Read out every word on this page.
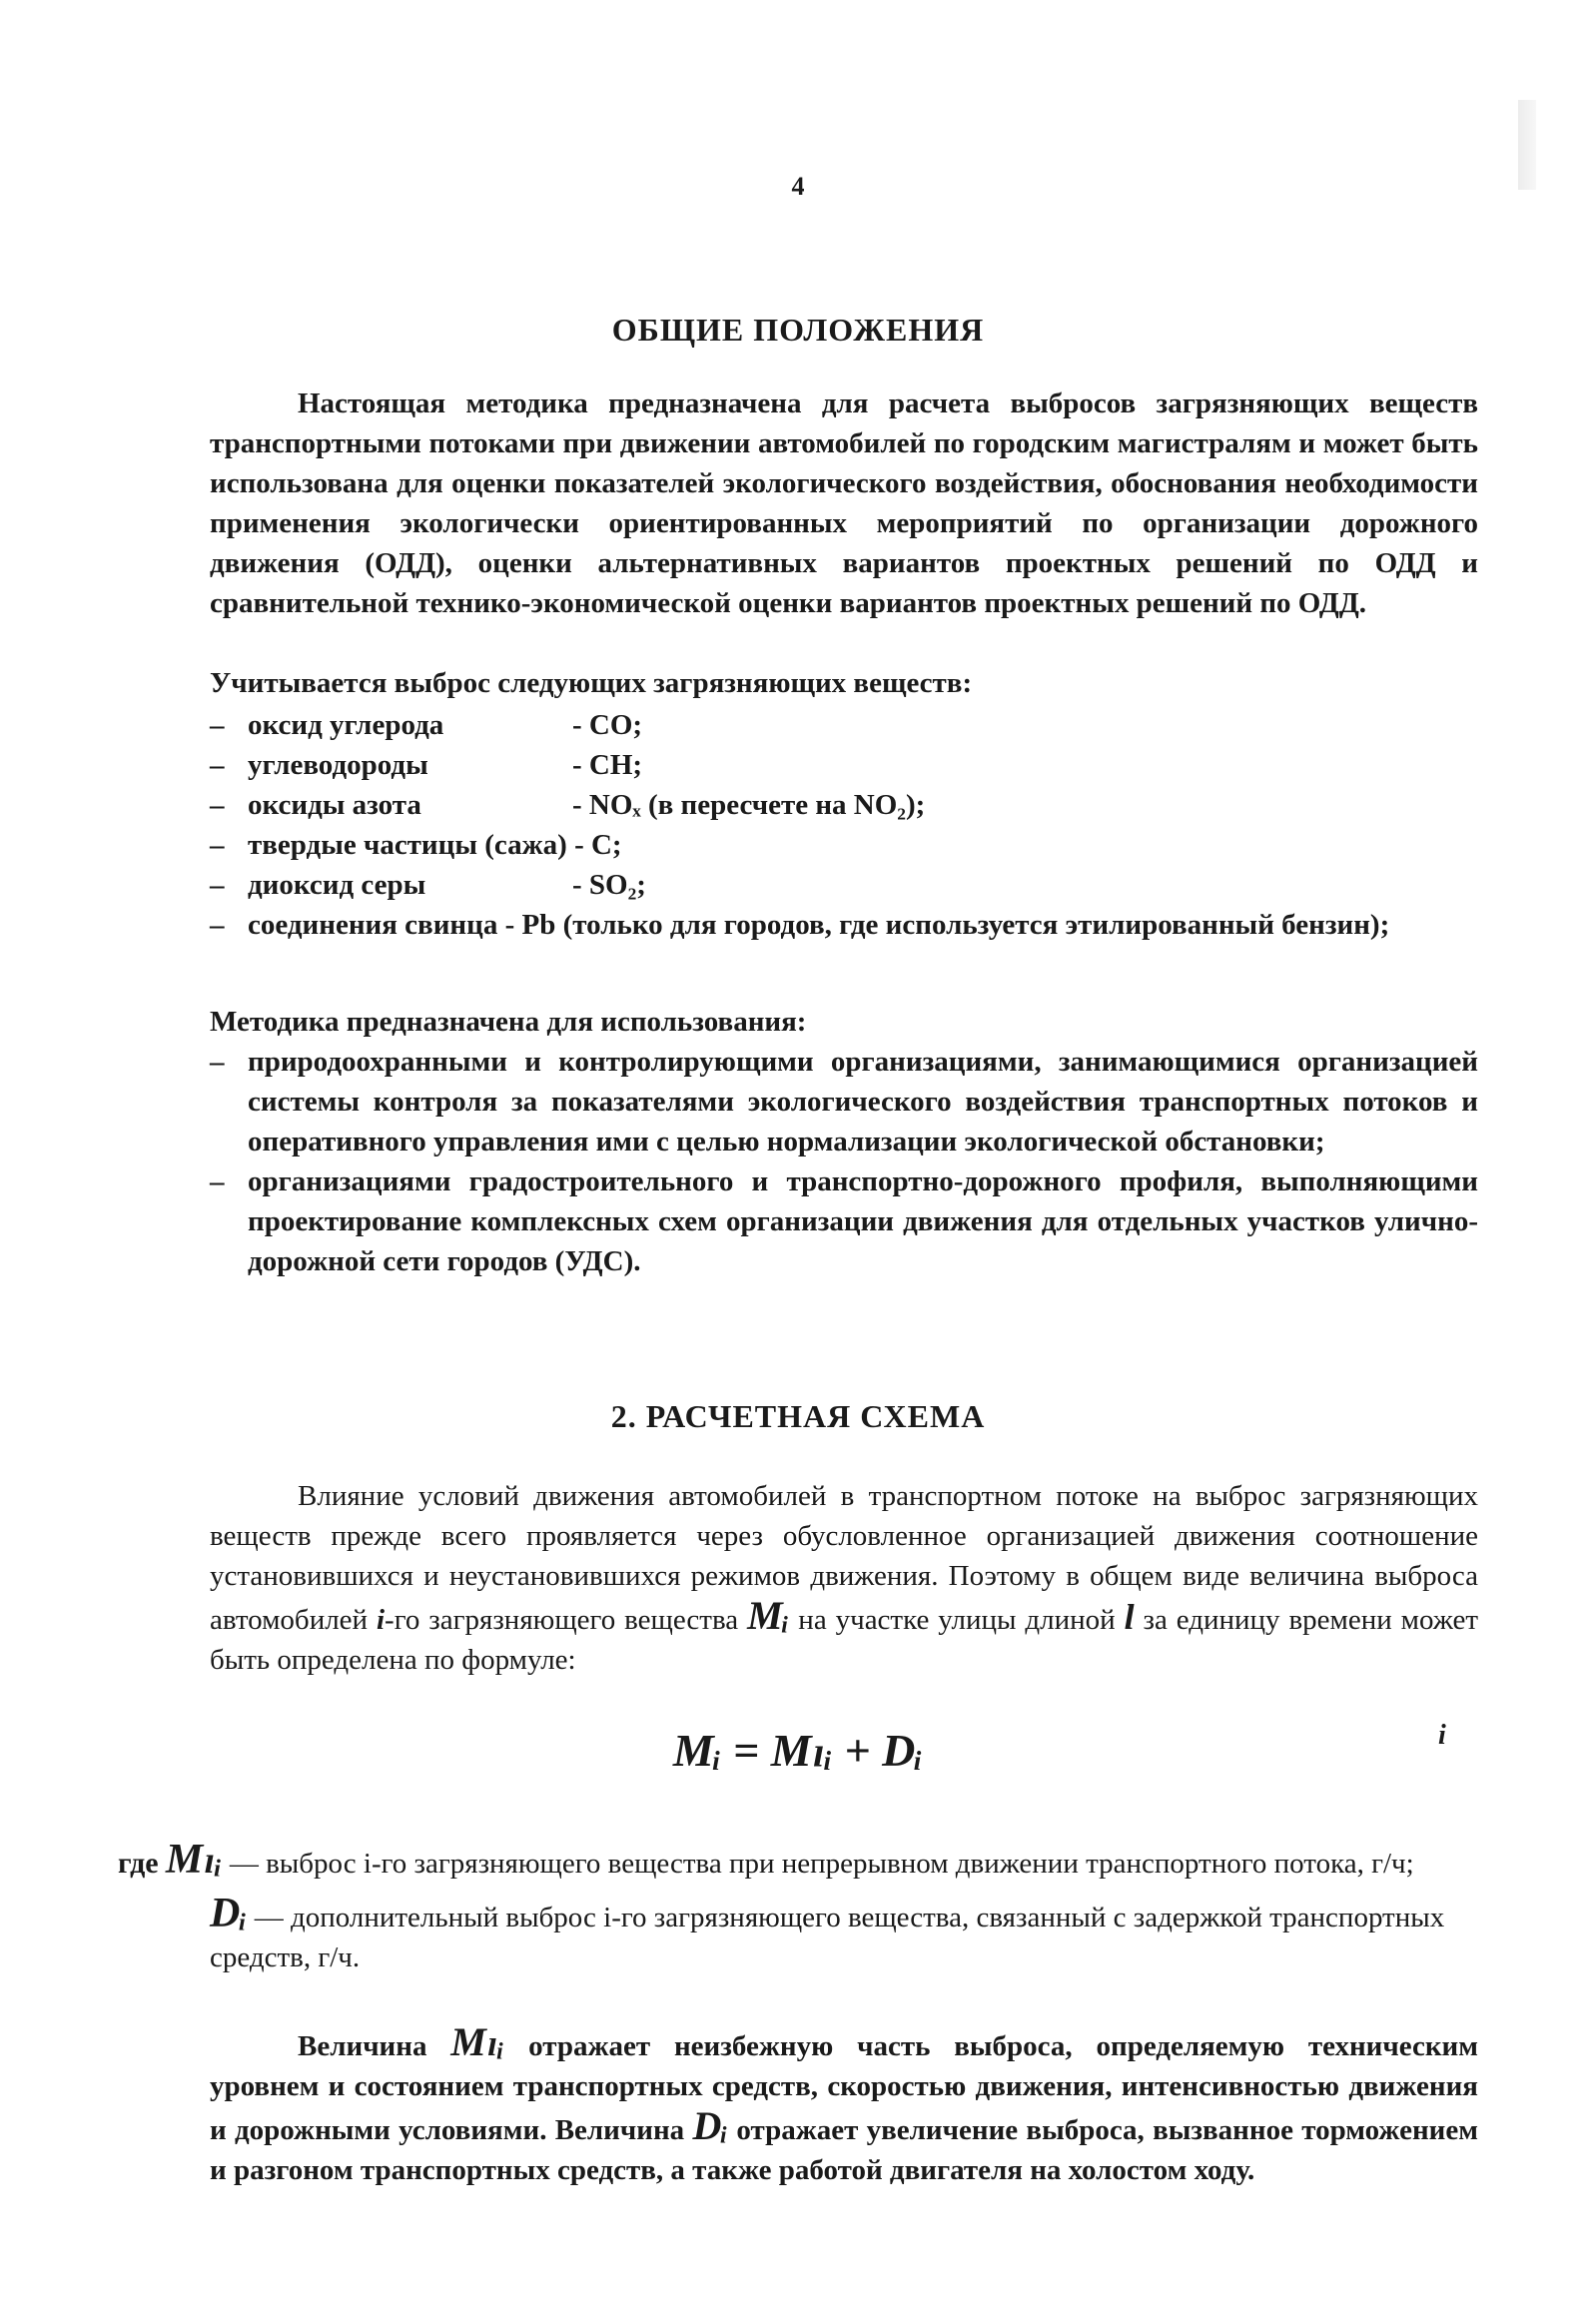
4
ОБЩИЕ ПОЛОЖЕНИЯ
Настоящая методика предназначена для расчета выбросов загрязняющих веществ транспортными потоками при движении автомобилей по городским магистралям и может быть использована для оценки показателей экологического воздействия, обоснования необходимости применения экологически ориентированных мероприятий по организации дорожного движения (ОДД), оценки альтернативных вариантов проектных решений по ОДД и сравнительной технико-экономической оценки вариантов проектных решений по ОДД.
Учитывается выброс следующих загрязняющих веществ:
– оксид углерода	- CO;
– углеводороды	- CH;
– оксиды азота	- NOₓ (в пересчете на NO₂);
– твердые частицы (сажа) - C;
– диоксид серы	- SO₂;
– соединения свинца - Pb (только для городов, где используется этилированный бензин);
Методика предназначена для использования:
– природоохранными и контролирующими организациями, занимающимися организацией системы контроля за показателями экологического воздействия транспортных потоков и оперативного управления ими с целью нормализации экологической обстановки;
– организациями градостроительного и транспортно-дорожного профиля, выполняющими проектирование комплексных схем организации движения для отдельных участков улично-дорожной сети городов (УДС).
2. РАСЧЕТНАЯ СХЕМА
Влияние условий движения автомобилей в транспортном потоке на выброс загрязняющих веществ прежде всего проявляется через обусловленное организацией движения соотношение установившихся и неустановившихся режимов движения. Поэтому в общем виде величина выброса автомобилей i-го загрязняющего вещества Mᵢ на участке улицы длиной l за единицу времени может быть определена по формуле:
Mᵢ = Mₗᵢ + Dᵢ	i
где Mₗᵢ — выброс i-го загрязняющего вещества при непрерывном движении транспортного потока, г/ч;
Dᵢ — дополнительный выброс i-го загрязняющего вещества, связанный с задержкой транспортных средств, г/ч.
Величина Mₗᵢ отражает неизбежную часть выброса, определяемую техническим уровнем и состоянием транспортных средств, скоростью движения, интенсивностью движения и дорожными условиями. Величина Dᵢ отражает увеличение выброса, вызванное торможением и разгоном транспортных средств, а также работой двигателя на холостом ходу.
